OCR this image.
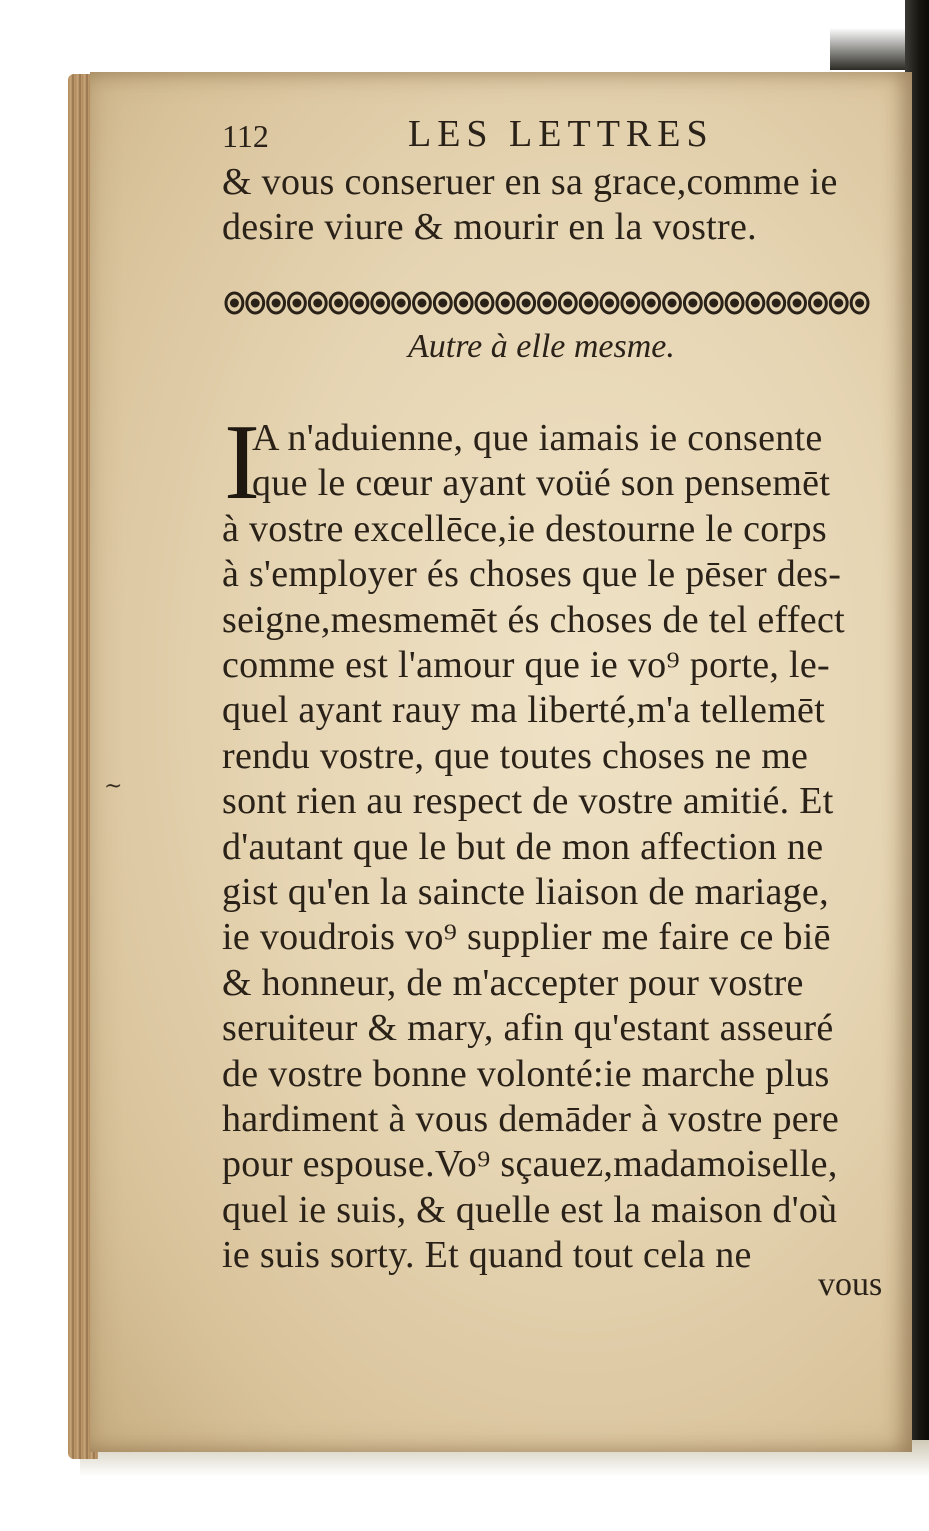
112	LES LETTRES
& vous conseruer en sa grace,comme ie
desire viure & mourir en la vostre.
Autre à elle mesme.
I
A n'aduienne, que iamais ie consente
que le cœur ayant voüé son pensemēt
à vostre excellēce,ie destourne le corps
à s'employer és choses que le pēser des-
seigne,mesmemēt és choses de tel effect
comme est l'amour que ie vo⁹ porte, le-
quel ayant rauy ma liberté,m'a tellemēt
rendu vostre, que toutes choses ne me
sont rien au respect de vostre amitié. Et
d'autant que le but de mon affection ne
gist qu'en la saincte liaison de mariage,
ie voudrois vo⁹ supplier me faire ce biē
& honneur, de m'accepter pour vostre
seruiteur & mary, afin qu'estant asseuré
de vostre bonne volonté:ie marche plus
hardiment à vous demāder à vostre pere
pour espouse.Vo⁹ sçauez,madamoiselle,
quel ie suis, & quelle est la maison d'où
ie suis sorty. Et quand tout cela ne
vous
~
